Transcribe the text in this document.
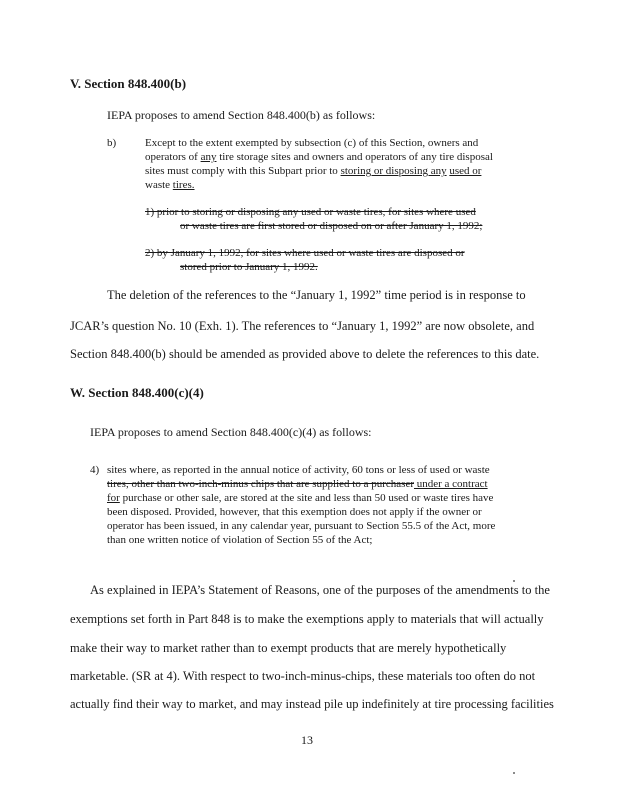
V. Section 848.400(b)
IEPA proposes to amend Section 848.400(b) as follows:
b)	Except to the extent exempted by subsection (c) of this Section, owners and
operators of any tire storage sites and owners and operators of any tire disposal
sites must comply with this Subpart prior to storing or disposing any used or
waste tires.
1) prior to storing or disposing any used or waste tires, for sites where used
or waste tires are first stored or disposed on or after January 1, 1992;
2) by January 1, 1992, for sites where used or waste tires are disposed or
stored prior to January 1, 1992.
The deletion of the references to the “January 1, 1992” time period is in response to
JCAR’s question No. 10 (Exh. 1). The references to “January 1, 1992” are now obsolete, and
Section 848.400(b) should be amended as provided above to delete the references to this date.
W. Section 848.400(c)(4)
IEPA proposes to amend Section 848.400(c)(4) as follows:
4) sites where, as reported in the annual notice of activity, 60 tons or less of used or waste
tires, other than two-inch-minus chips that are supplied to a purchaser under a contract
for purchase or other sale, are stored at the site and less than 50 used or waste tires have
been disposed. Provided, however, that this exemption does not apply if the owner or
operator has been issued, in any calendar year, pursuant to Section 55.5 of the Act, more
than one written notice of violation of Section 55 of the Act;
As explained in IEPA’s Statement of Reasons, one of the purposes of the amendments to the
exemptions set forth in Part 848 is to make the exemptions apply to materials that will actually
make their way to market rather than to exempt products that are merely hypothetically
marketable. (SR at 4). With respect to two-inch-minus-chips, these materials too often do not
actually find their way to market, and may instead pile up indefinitely at tire processing facilities
13
